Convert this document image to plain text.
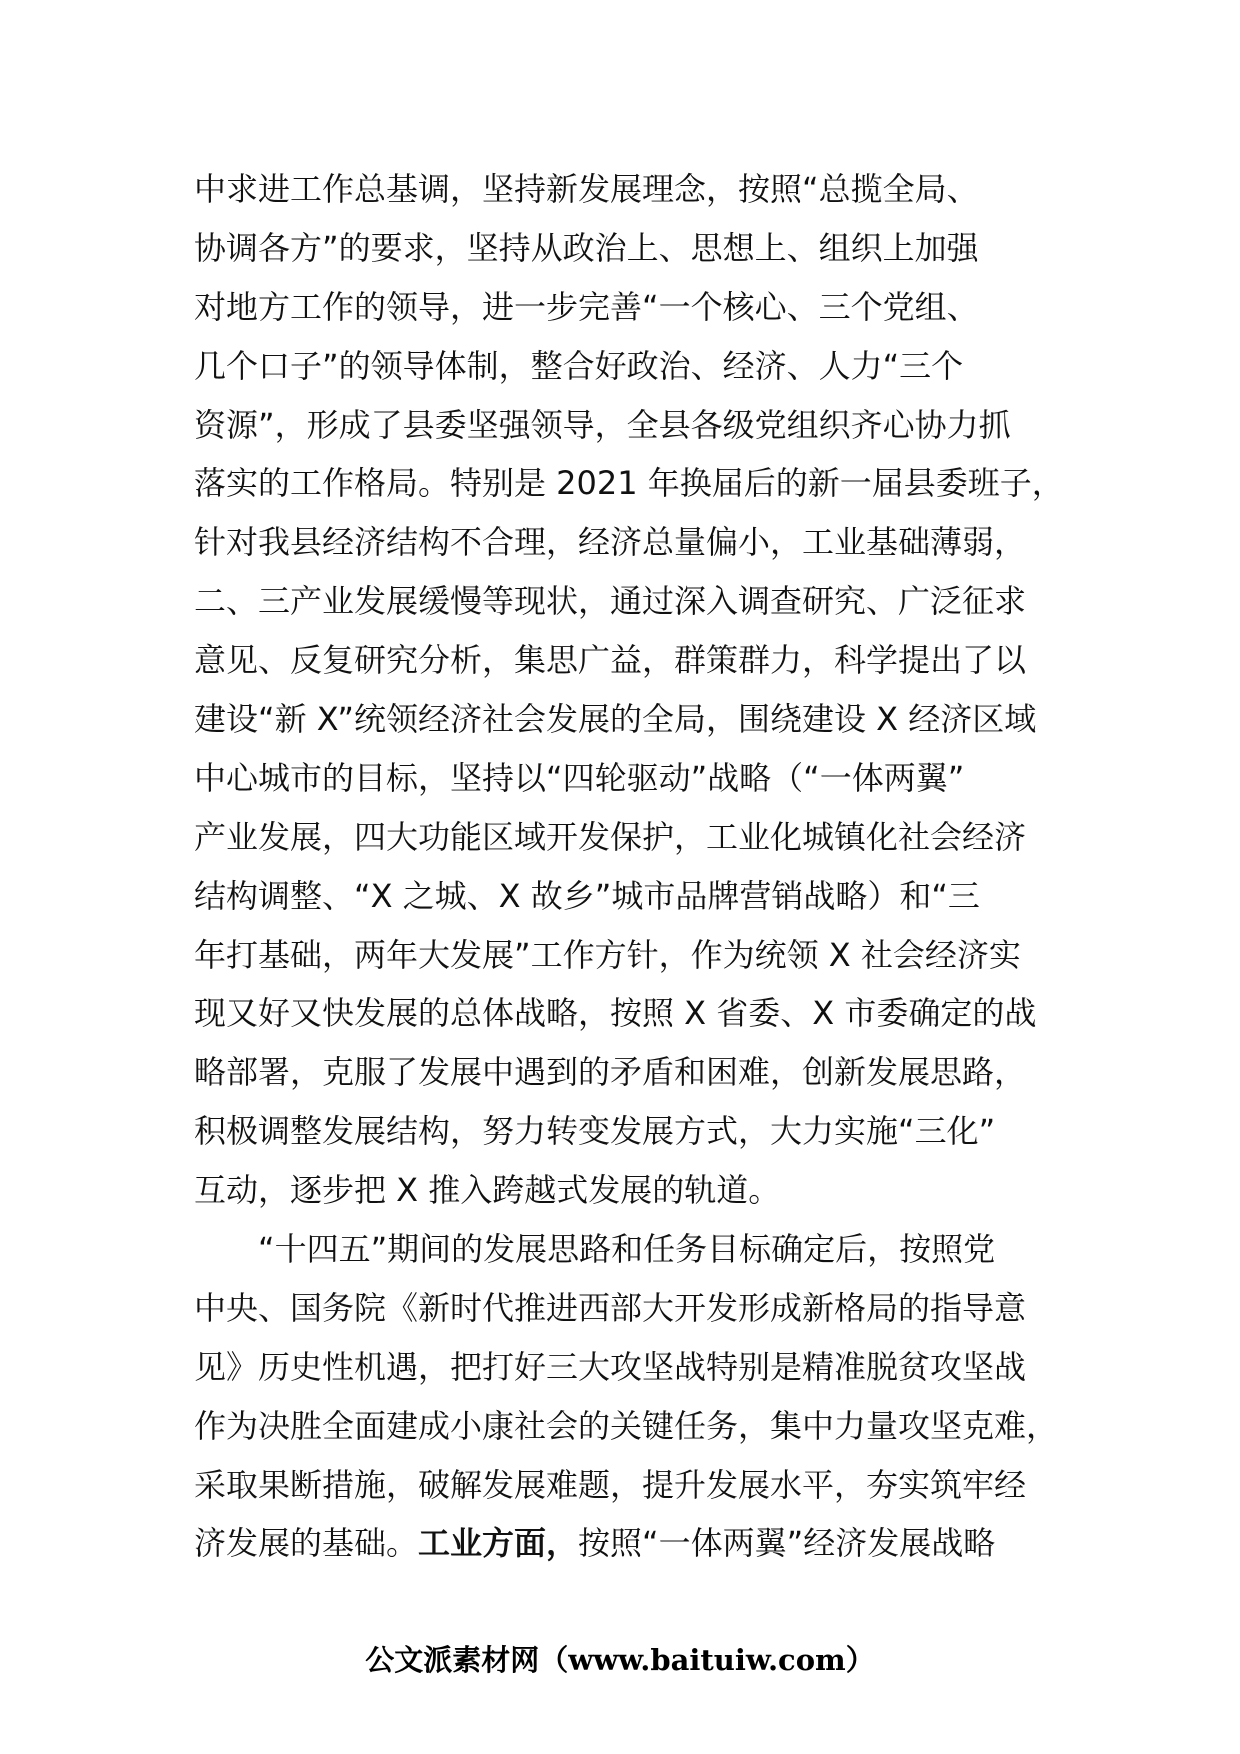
中求进工作总基调，坚持新发展理念，按照“总揽全局、
协调各方”的要求，坚持从政治上、思想上、组织上加强
对地方工作的领导，进一步完善“一个核心、三个党组、
几个口子”的领导体制，整合好政治、经济、人力“三个
资源”，形成了县委坚强领导，全县各级党组织齐心协力抓
落实的工作格局。特别是 2021 年换届后的新一届县委班子，
针对我县经济结构不合理，经济总量偏小，工业基础薄弱，
二、三产业发展缓慢等现状，通过深入调查研究、广泛征求
意见、反复研究分析，集思广益，群策群力，科学提出了以
建设“新 X”统领经济社会发展的全局，围绕建设 X 经济区域
中心城市的目标，坚持以“四轮驱动”战略（“一体两翼”
产业发展，四大功能区域开发保护，工业化城镇化社会经济
结构调整、“X 之城、X 故乡”城市品牌营销战略）和“三
年打基础，两年大发展”工作方针，作为统领 X 社会经济实
现又好又快发展的总体战略，按照 X 省委、X 市委确定的战
略部署，克服了发展中遇到的矛盾和困难，创新发展思路，
积极调整发展结构，努力转变发展方式，大力实施“三化”
互动，逐步把 X 推入跨越式发展的轨道。
“十四五”期间的发展思路和任务目标确定后，按照党
中央、国务院《新时代推进西部大开发形成新格局的指导意
见》历史性机遇，把打好三大攻坚战特别是精准脱贫攻坚战
作为决胜全面建成小康社会的关键任务，集中力量攻坚克难，
采取果断措施，破解发展难题，提升发展水平，夯实筑牢经
济发展的基础。工业方面，按照“一体两翼”经济发展战略
公文派素材网（www.baituiw.com）
